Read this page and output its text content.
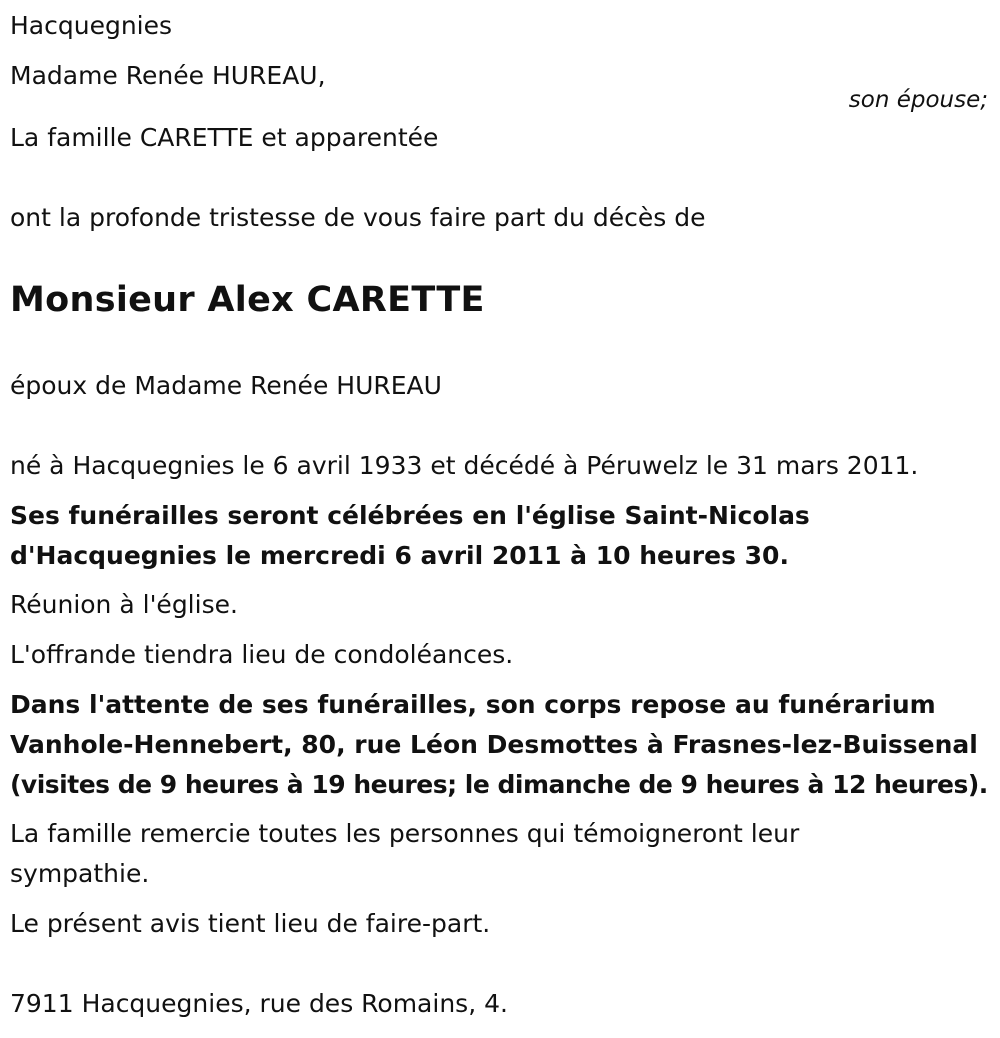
Hacquegnies

Madame Renée HUREAU,

son épouse;

La famille CARETTE et apparentée

ont la profonde tristesse de vous faire part du décès de

Monsieur Alex CARETTE

époux de Madame Renée HUREAU

né à Hacquegnies le 6 avril 1933 et décédé à Péruwelz le 31 mars 2011.

Ses funérailles seront célébrées en l'église Saint-Nicolas

d'Hacquegnies le mercredi 6 avril 2011 à 10 heures 30.

Réunion à l'église.

L'offrande tiendra lieu de condoléances.

Dans l'attente de ses funérailles, son corps repose au funérarium

Vanhole-Hennebert, 80, rue Léon Desmottes à Frasnes-lez-Buissenal

(visites de 9 heures à 19 heures; le dimanche de 9 heures à 12 heures).

La famille remercie toutes les personnes qui témoigneront leur

sympathie.

Le présent avis tient lieu de faire-part.

7911 Hacquegnies, rue des Romains, 4.
